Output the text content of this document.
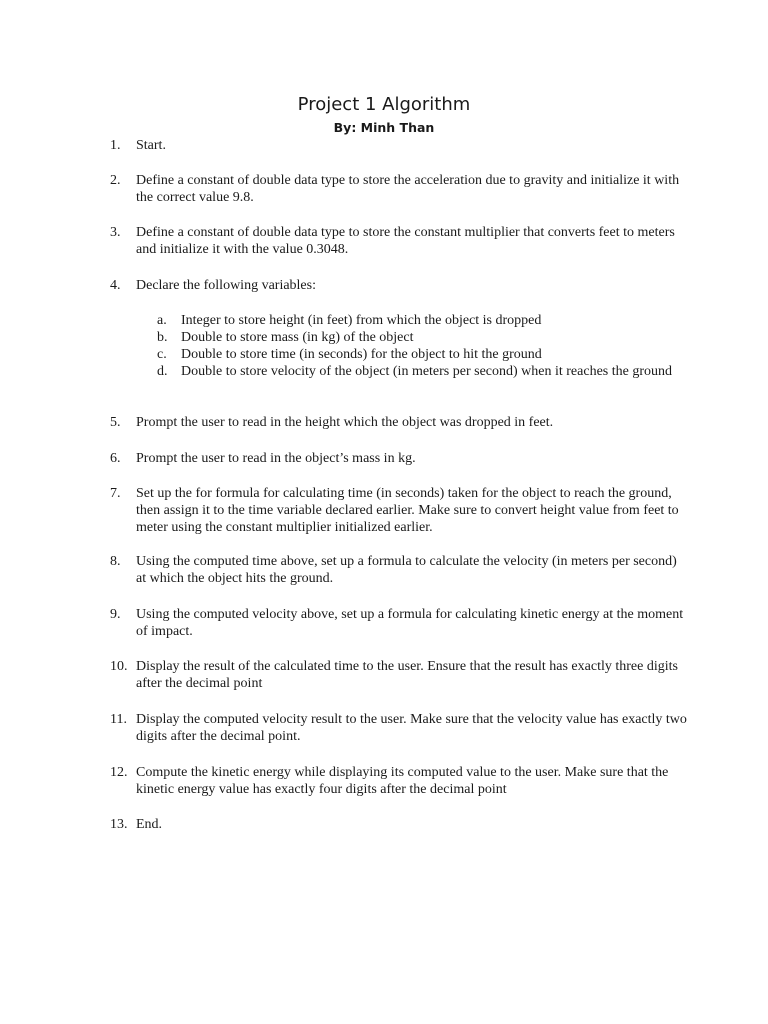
Project 1 Algorithm
By: Minh Than
1.	Start.
2.	Define a constant of double data type to store the acceleration due to gravity and initialize it with the correct value 9.8.
3.	Define a constant of double data type to store the constant multiplier that converts feet to meters and initialize it with the value 0.3048.
4.	Declare the following variables:
a.	Integer to store height (in feet) from which the object is dropped
b. Double to store mass (in kg) of the object
c.	Double to store time (in seconds) for the object to hit the ground
d. Double to store velocity of the object (in meters per second) when it reaches the ground
5.	Prompt the user to read in the height which the object was dropped in feet.
6.	Prompt the user to read in the object’s mass in kg.
7.	Set up the for formula for calculating time (in seconds) taken for the object to reach the ground, then assign it to the time variable declared earlier. Make sure to convert height value from feet to meter using the constant multiplier initialized earlier.
8.	Using the computed time above, set up a formula to calculate the velocity (in meters per second) at which the object hits the ground.
9.	Using the computed velocity above, set up a formula for calculating kinetic energy at the moment of impact.
10. Display the result of the calculated time to the user. Ensure that the result has exactly three digits after the decimal point
11. Display the computed velocity result to the user. Make sure that the velocity value has exactly two digits after the decimal point.
12. Compute the kinetic energy while displaying its computed value to the user. Make sure that the kinetic energy value has exactly four digits after the decimal point
13. End.
